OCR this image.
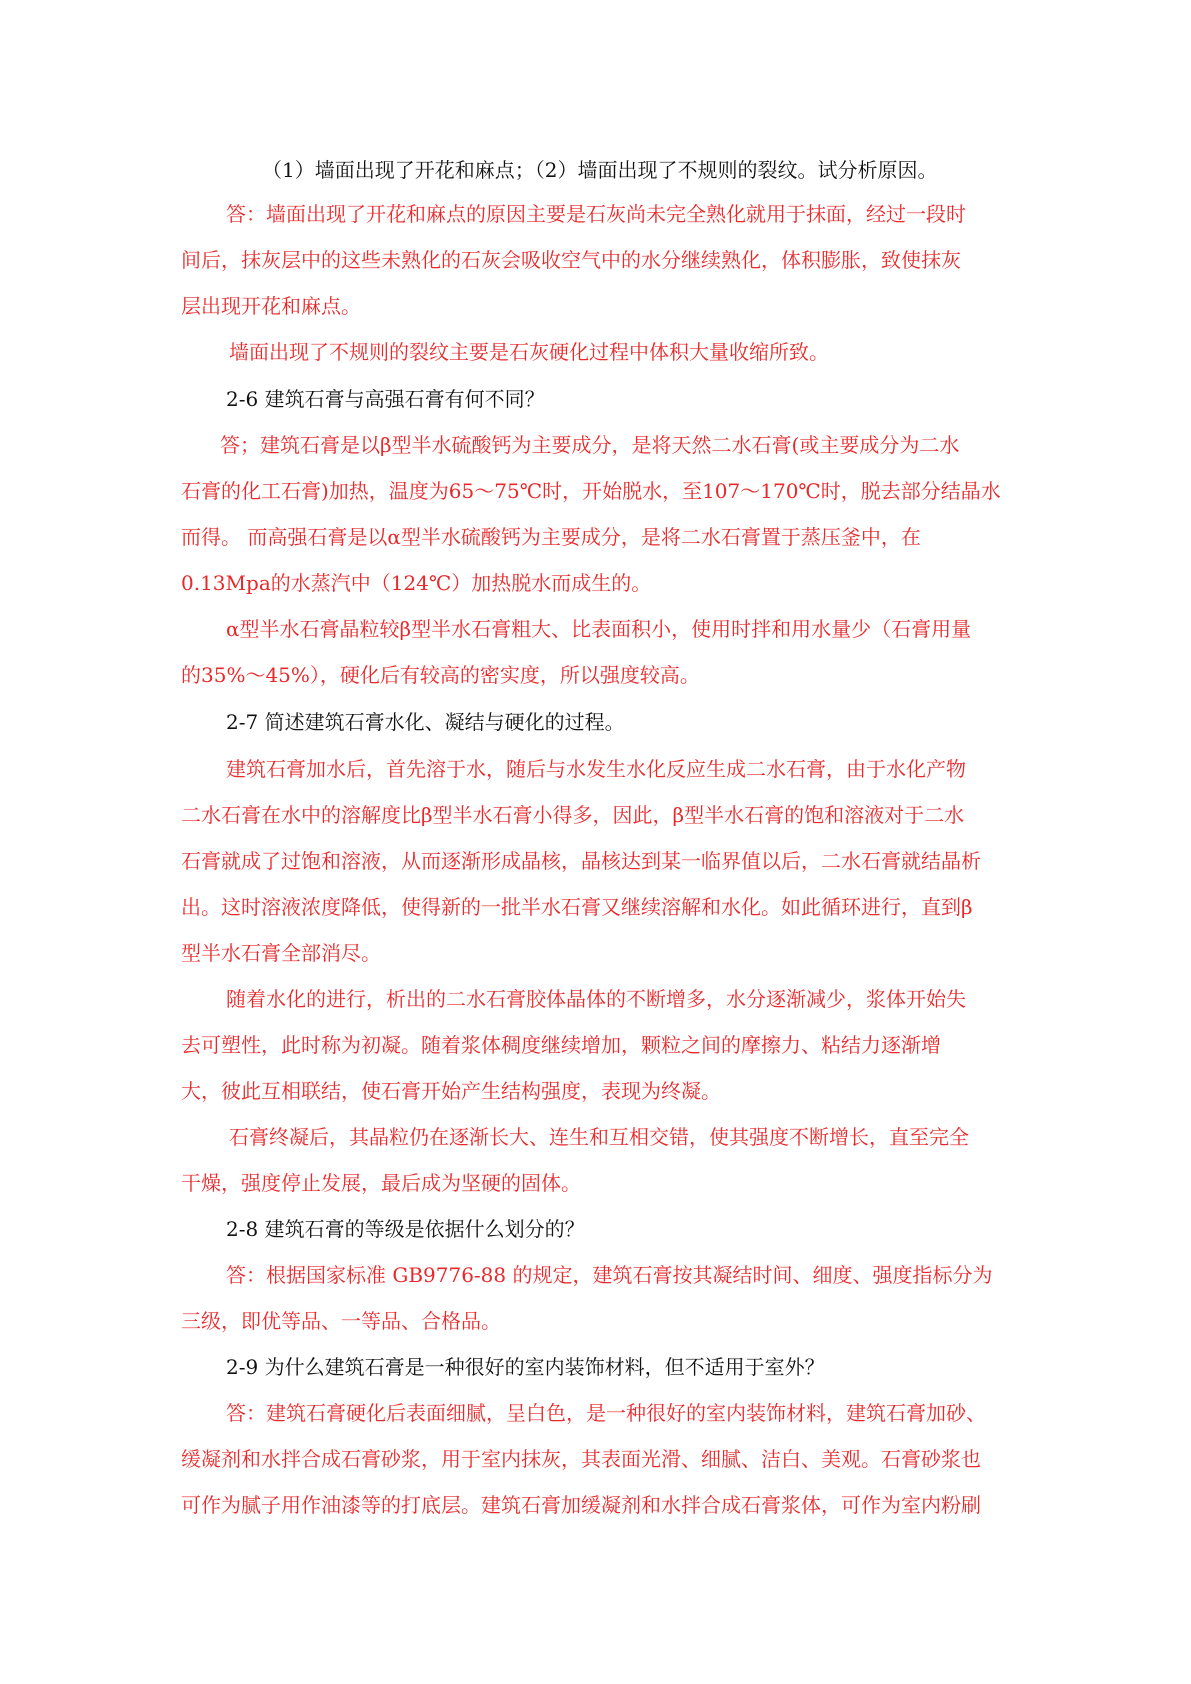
（1）墙面出现了开花和麻点；（2）墙面出现了不规则的裂纹。试分析原因。
答：墙面出现了开花和麻点的原因主要是石灰尚未完全熟化就用于抹面，经过一段时
间后，抹灰层中的这些未熟化的石灰会吸收空气中的水分继续熟化，体积膨胀，致使抹灰
层出现开花和麻点。
墙面出现了不规则的裂纹主要是石灰硬化过程中体积大量收缩所致。
2-6 建筑石膏与高强石膏有何不同？
答；建筑石膏是以β型半水硫酸钙为主要成分，是将天然二水石膏(或主要成分为二水
石膏的化工石膏)加热，温度为65～75℃时，开始脱水，至107～170℃时，脱去部分结晶水
而得。 而高强石膏是以α型半水硫酸钙为主要成分，是将二水石膏置于蒸压釜中，在
0.13Mpa的水蒸汽中（124℃）加热脱水而成生的。
α型半水石膏晶粒较β型半水石膏粗大、比表面积小，使用时拌和用水量少（石膏用量
的35%～45%），硬化后有较高的密实度，所以强度较高。
2-7 简述建筑石膏水化、凝结与硬化的过程。
建筑石膏加水后，首先溶于水，随后与水发生水化反应生成二水石膏，由于水化产物
二水石膏在水中的溶解度比β型半水石膏小得多，因此，β型半水石膏的饱和溶液对于二水
石膏就成了过饱和溶液，从而逐渐形成晶核，晶核达到某一临界值以后，二水石膏就结晶析
出。这时溶液浓度降低，使得新的一批半水石膏又继续溶解和水化。如此循环进行，直到β
型半水石膏全部消尽。
随着水化的进行，析出的二水石膏胶体晶体的不断增多，水分逐渐减少，浆体开始失
去可塑性，此时称为初凝。随着浆体稠度继续增加，颗粒之间的摩擦力、粘结力逐渐增
大，彼此互相联结，使石膏开始产生结构强度，表现为终凝。
石膏终凝后，其晶粒仍在逐渐长大、连生和互相交错，使其强度不断增长，直至完全
干燥，强度停止发展，最后成为坚硬的固体。
2-8 建筑石膏的等级是依据什么划分的？
答：根据国家标准 GB9776-88 的规定，建筑石膏按其凝结时间、细度、强度指标分为
三级，即优等品、一等品、合格品。
2-9 为什么建筑石膏是一种很好的室内装饰材料，但不适用于室外？
答：建筑石膏硬化后表面细腻，呈白色，是一种很好的室内装饰材料，建筑石膏加砂、
缓凝剂和水拌合成石膏砂浆，用于室内抹灰，其表面光滑、细腻、洁白、美观。石膏砂浆也
可作为腻子用作油漆等的打底层。建筑石膏加缓凝剂和水拌合成石膏浆体，可作为室内粉刷
